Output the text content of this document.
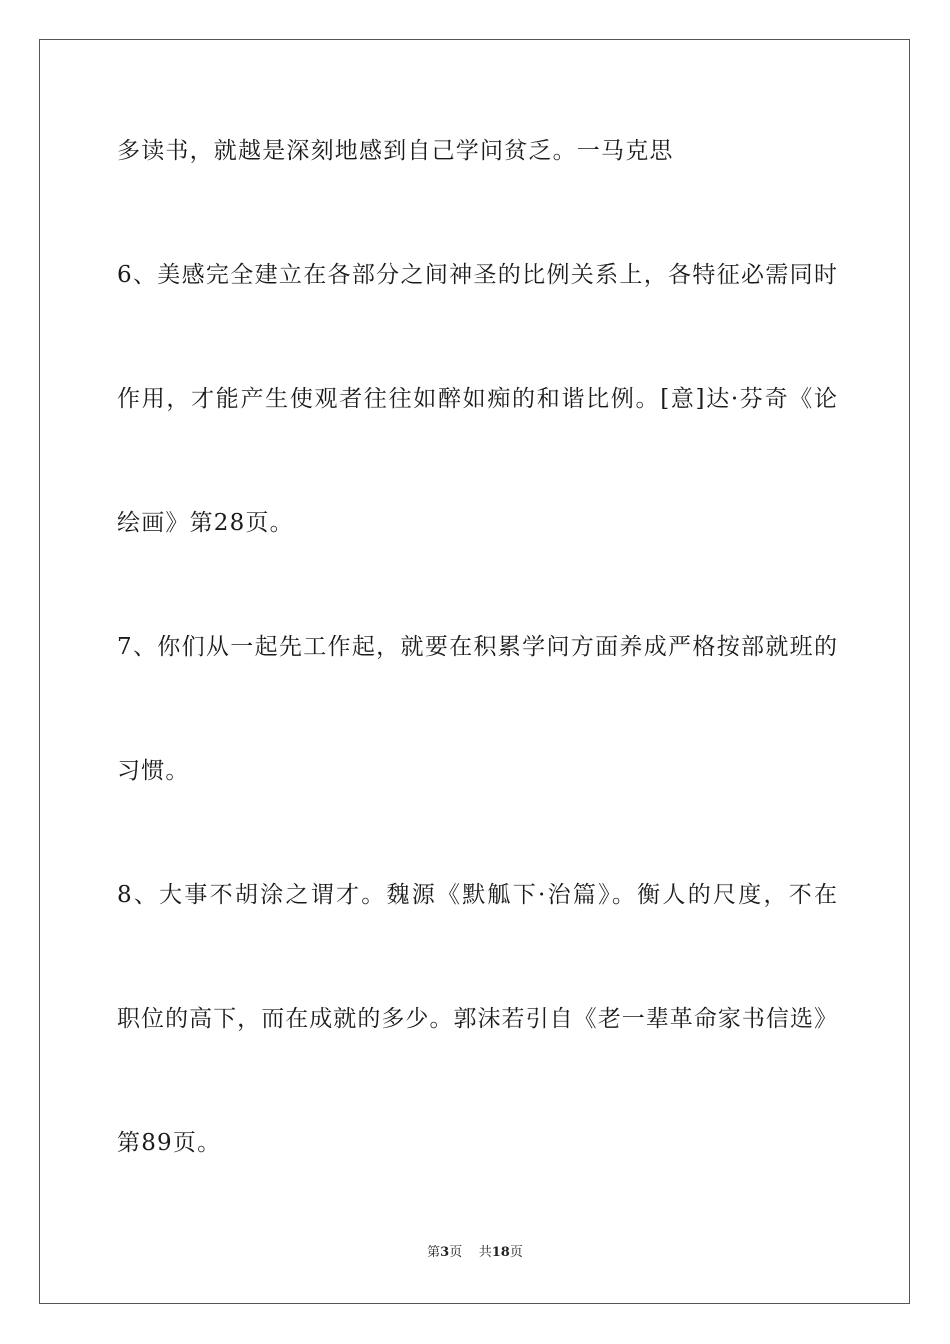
多读书，就越是深刻地感到自己学问贫乏。一马克思
6、美感完全建立在各部分之间神圣的比例关系上，各特征必需同时
作用，才能产生使观者往往如醉如痴的和谐比例。[意]达·芬奇《论
绘画》第28页。
7、你们从一起先工作起，就要在积累学问方面养成严格按部就班的
习惯。
8、大事不胡涂之谓才。魏源《默觚下·治篇》。衡人的尺度，不在
职位的高下，而在成就的多少。郭沫若引自《老一辈革命家书信选》
第89页。
第3页 共18页
